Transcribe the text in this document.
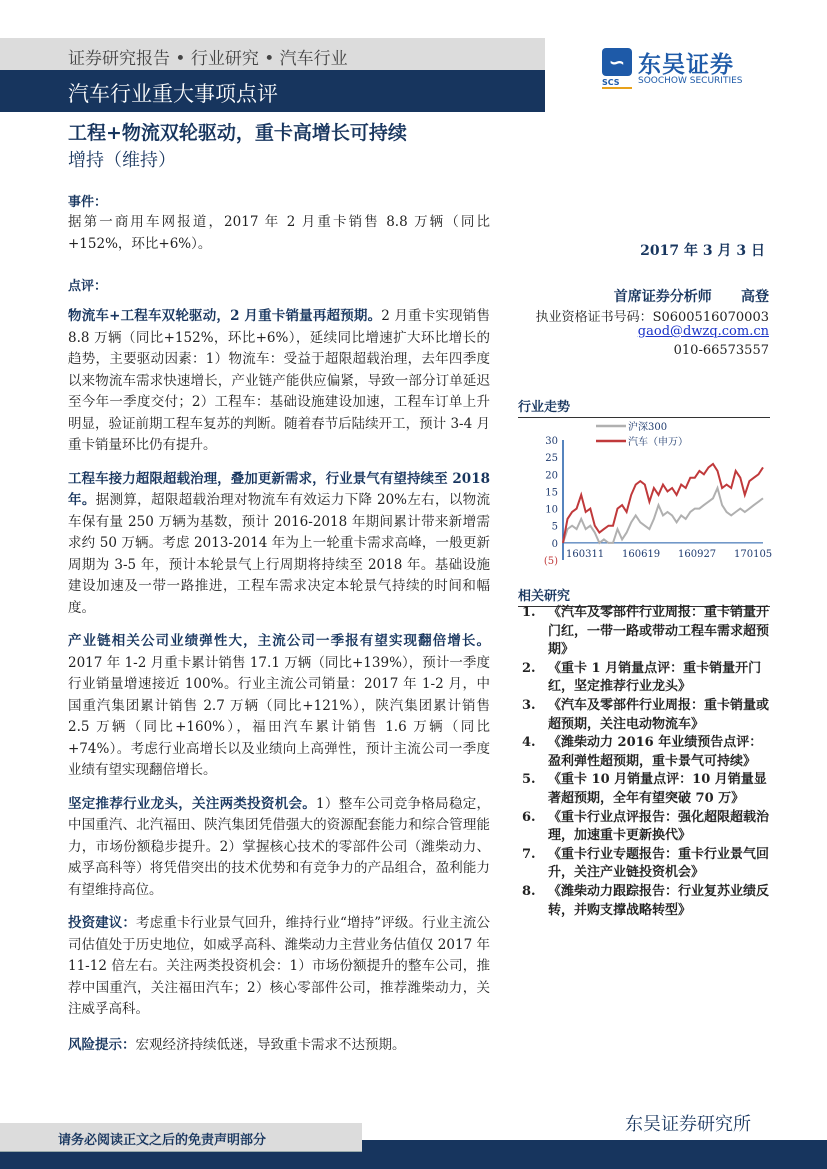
证券研究报告 • 行业研究 • 汽车行业
汽车行业重大事项点评
∽
SCS
东吴证券
SOOCHOW SECURITIES
工程+物流双轮驱动，重卡高增长可持续
增持（维持）
事件：
据第一商用车网报道，2017 年 2 月重卡销售 8.8 万辆（同比+152%，环比+6%）。
点评：
物流车+工程车双轮驱动，2 月重卡销量再超预期。2 月重卡实现销售 8.8 万辆（同比+152%，环比+6%），延续同比增速扩大环比增长的趋势，主要驱动因素：1）物流车：受益于超限超载治理，去年四季度以来物流车需求快速增长，产业链产能供应偏紧，导致一部分订单延迟至今年一季度交付；2）工程车：基础设施建设加速，工程车订单上升明显，验证前期工程车复苏的判断。随着春节后陆续开工，预计 3-4 月重卡销量环比仍有提升。
工程车接力超限超载治理，叠加更新需求，行业景气有望持续至 2018 年。据测算，超限超载治理对物流车有效运力下降 20%左右，以物流车保有量 250 万辆为基数，预计 2016-2018 年期间累计带来新增需求约 50 万辆。考虑 2013-2014 年为上一轮重卡需求高峰，一般更新周期为 3-5 年，预计本轮景气上行周期将持续至 2018 年。基础设施建设加速及一带一路推进，工程车需求决定本轮景气持续的时间和幅度。
产业链相关公司业绩弹性大，主流公司一季报有望实现翻倍增长。2017 年 1-2 月重卡累计销售 17.1 万辆（同比+139%），预计一季度行业销量增速接近 100%。行业主流公司销量：2017 年 1-2 月，中国重汽集团累计销售 2.7 万辆（同比+121%），陕汽集团累计销售 2.5 万辆（同比+160%），福田汽车累计销售 1.6 万辆（同比+74%）。考虑行业高增长以及业绩向上高弹性，预计主流公司一季度业绩有望实现翻倍增长。
坚定推荐行业龙头，关注两类投资机会。1）整车公司竞争格局稳定，中国重汽、北汽福田、陕汽集团凭借强大的资源配套能力和综合管理能力，市场份额稳步提升。2）掌握核心技术的零部件公司（潍柴动力、威孚高科等）将凭借突出的技术优势和有竞争力的产品组合，盈利能力有望维持高位。
投资建议：考虑重卡行业景气回升，维持行业“增持”评级。行业主流公司估值处于历史地位，如威孚高科、潍柴动力主营业务估值仅 2017 年 11-12 倍左右。关注两类投资机会：1）市场份额提升的整车公司，推荐中国重汽，关注福田汽车；2）核心零部件公司，推荐潍柴动力，关注威孚高科。
风险提示：宏观经济持续低迷，导致重卡需求不达预期。
2017 年 3 月 3 日
首席证券分析师 高登
执业资格证书号码：S0600516070003
gaod@dwzq.com.cn
010-66573557
行业走势
30
25
20
15
10
5
0
(5)
160311 160619 160927 170105
沪深300
汽车（申万）
相关研究
1. 《汽车及零部件行业周报：重卡销量开门红，一带一路或带动工程车需求超预期》
2. 《重卡 1 月销量点评：重卡销量开门红，坚定推荐行业龙头》
3. 《汽车及零部件行业周报：重卡销量或超预期，关注电动物流车》
4. 《潍柴动力 2016 年业绩预告点评：盈利弹性超预期，重卡景气可持续》
5. 《重卡 10 月销量点评：10 月销量显著超预期，全年有望突破 70 万》
6. 《重卡行业点评报告：强化超限超载治理，加速重卡更新换代》
7. 《重卡行业专题报告：重卡行业景气回升，关注产业链投资机会》
8. 《潍柴动力跟踪报告：行业复苏业绩反转，并购支撑战略转型》
请务必阅读正文之后的免责声明部分
东吴证券研究所
